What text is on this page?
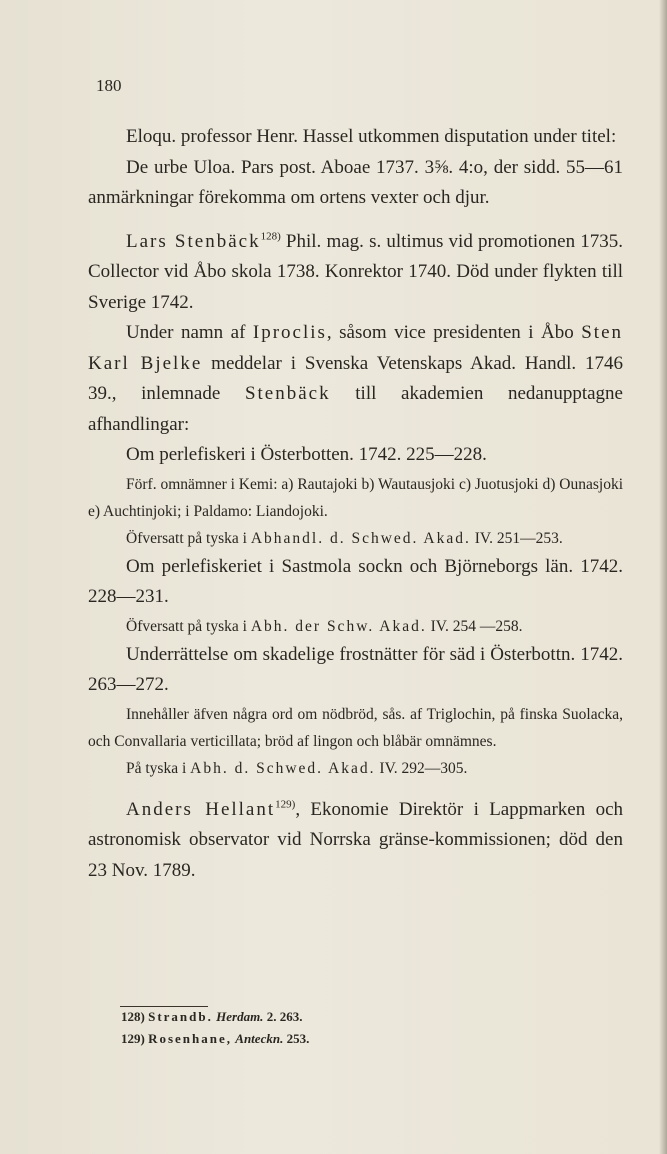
180

Eloqu. professor Henr. Hassel utkommen disputation under titel:

De urbe Uloa. Pars post. Aboae 1737. 3⅝. 4:o, der sidd. 55—61 anmärkningar förekomma om ortens vexter och djur.

Lars Stenbäck$^{128)}$ Phil. mag. s. ultimus vid promotionen 1735. Collector vid Åbo skola 1738. Konrektor 1740. Död under flykten till Sverige 1742.

Under namn af Iproclis, såsom vice presidenten i Åbo Sten Karl Bjelke meddelar i Svenska Vetenskaps Akad. Handl. 1746 39., inlemnade Stenbäck till akademien nedanupptagne afhandlingar:

Om perlefiskeri i Österbotten. 1742. 225—228.

Förf. omnämner i Kemi: a) Rautajoki b) Wautausjoki c) Juotusjoki d) Ounasjoki e) Auchtinjoki; i Paldamo: Liandojoki.

Öfversatt på tyska i Abhandl. d. Schwed. Akad. IV. 251—253.

Om perlefiskeriet i Sastmola sockn och Björneborgs län. 1742. 228—231.

Öfversatt på tyska i Abh. der Schw. Akad. IV. 254 —258.

Underrättelse om skadelige frostnätter för säd i Österbottn. 1742. 263—272.

Innehåller äfven några ord om nödbröd, sås. af Triglochin, på finska Suolacka, och Convallaria verticillata; bröd af lingon och blåbär omnämnes.

På tyska i Abh. d. Schwed. Akad. IV. 292—305.

Anders Hellant$^{129)}$, Ekonomie Direktör i Lappmarken och astronomisk observator vid Norrska gränse-kommissionen; död den 23 Nov. 1789.

128) Strandb. Herdam. 2. 263.
129) Rosenhane, Anteckn. 253.
